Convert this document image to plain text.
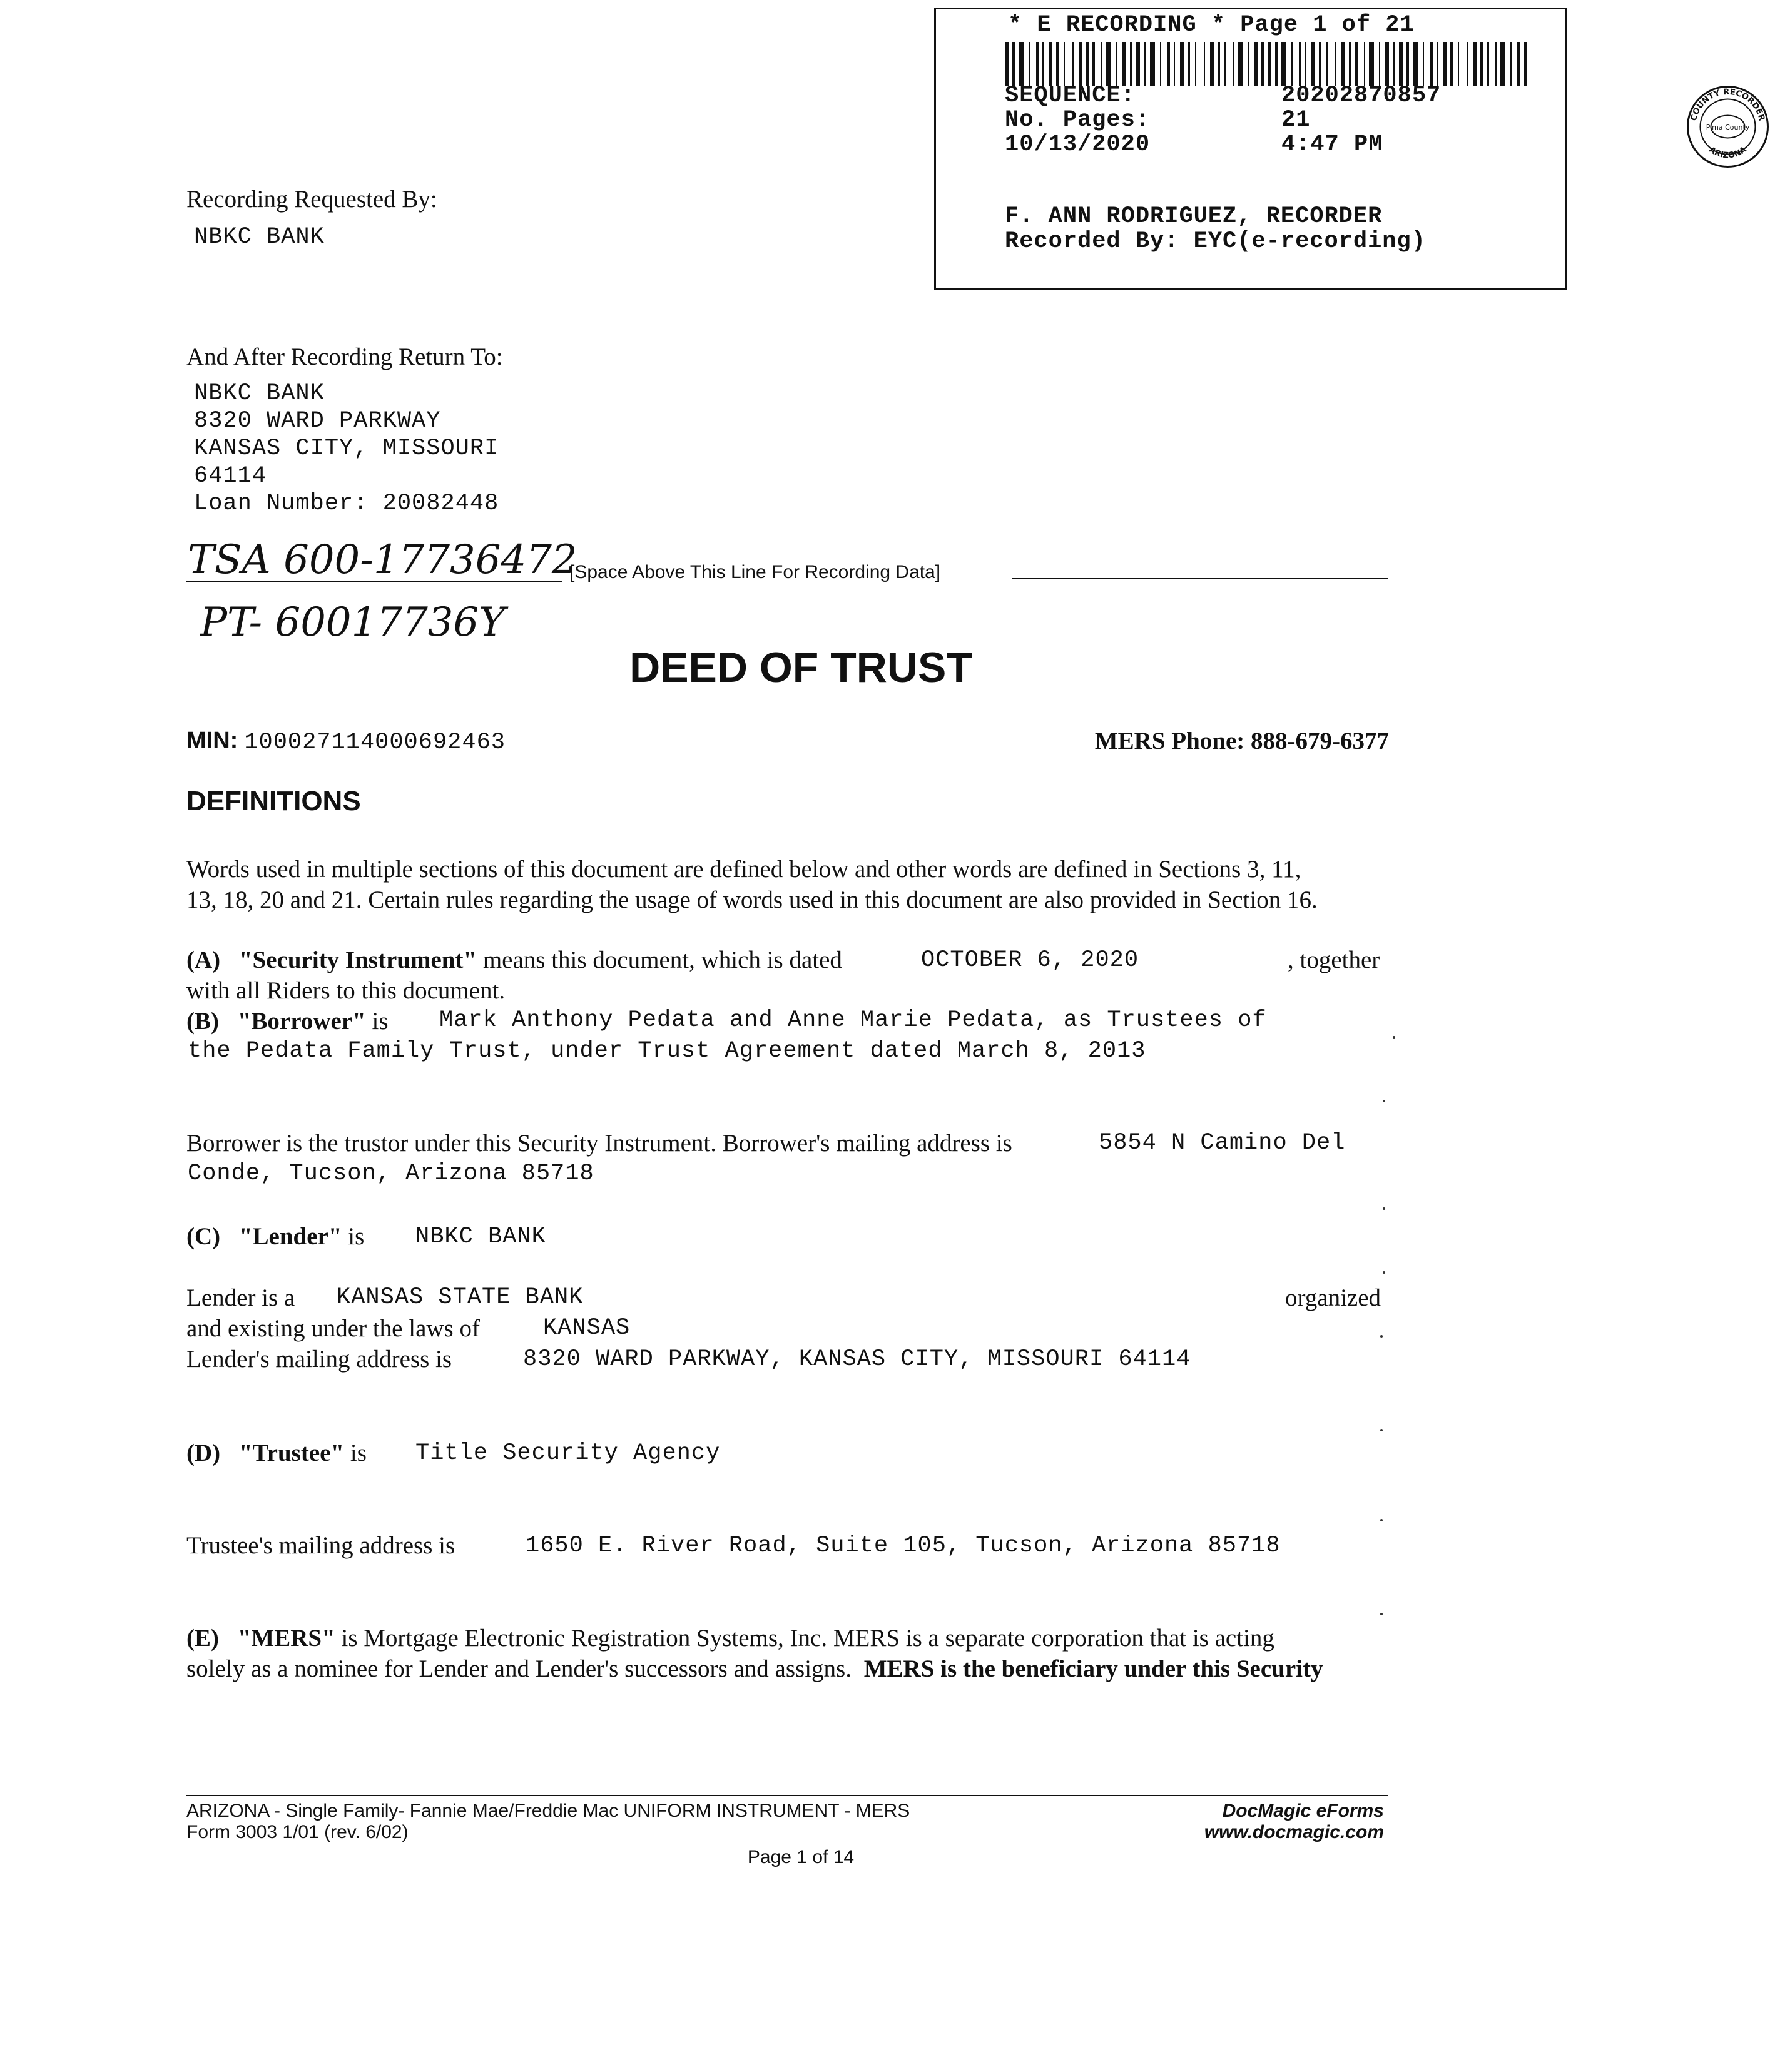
* E RECORDING * Page 1 of 21
SEQUENCE:	20202870857
No. Pages:	21
10/13/2020	4:47 PM
F. ANN RODRIGUEZ, RECORDER
Recorded By: EYC(e-recording)
COUNTY RECORDER
ARIZONA
Pima County
Recording Requested By:
NBKC BANK
And After Recording Return To:
NBKC BANK
8320 WARD PARKWAY
KANSAS CITY, MISSOURI
64114
Loan Number: 20082448
TSA 600-17736472
PT- 60017736Y
[Space Above This Line For Recording Data]
DEED OF TRUST
MIN: 100027114000692463	MERS Phone: 888-679-6377
DEFINITIONS
Words used in multiple sections of this document are defined below and other words are defined in Sections 3, 11,
13, 18, 20 and 21. Certain rules regarding the usage of words used in this document are also provided in Section 16.
(A) "Security Instrument" means this document, which is dated	OCTOBER 6, 2020	, together
with all Riders to this document.
(B) "Borrower" is Mark Anthony Pedata and Anne Marie Pedata, as Trustees of
the Pedata Family Trust, under Trust Agreement dated March 8, 2013
Borrower is the trustor under this Security Instrument. Borrower's mailing address is	5854 N Camino Del
Conde, Tucson, Arizona 85718
(C) "Lender" is NBKC BANK
Lender is a KANSAS STATE BANK	organized
and existing under the laws of	KANSAS
Lender's mailing address is	8320 WARD PARKWAY, KANSAS CITY, MISSOURI 64114
(D) "Trustee" is Title Security Agency
Trustee's mailing address is	1650 E. River Road, Suite 105, Tucson, Arizona 85718
(E) "MERS" is Mortgage Electronic Registration Systems, Inc. MERS is a separate corporation that is acting
solely as a nominee for Lender and Lender's successors and assigns. MERS is the beneficiary under this Security
ARIZONA - Single Family- Fannie Mae/Freddie Mac UNIFORM INSTRUMENT - MERS
Form 3003 1/01 (rev. 6/02)
Page 1 of 14
DocMagic eForms
www.docmagic.com
